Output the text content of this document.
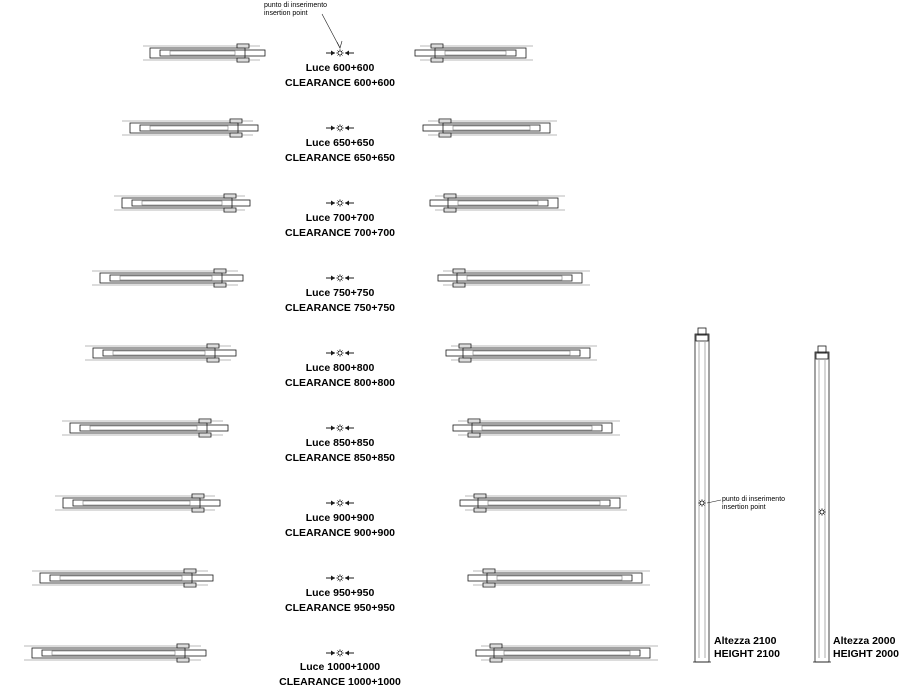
punto di inserimento
insertion point
punto di inserimento
insertion point
Luce 600+600
CLEARANCE 600+600
Luce 650+650
CLEARANCE 650+650
Luce 700+700
CLEARANCE 700+700
Luce 750+750
CLEARANCE 750+750
Luce 800+800
CLEARANCE 800+800
Luce 850+850
CLEARANCE 850+850
Luce 900+900
CLEARANCE 900+900
Luce 950+950
CLEARANCE 950+950
Luce 1000+1000
CLEARANCE 1000+1000
Altezza 2100
HEIGHT 2100
Altezza 2000
HEIGHT 2000
